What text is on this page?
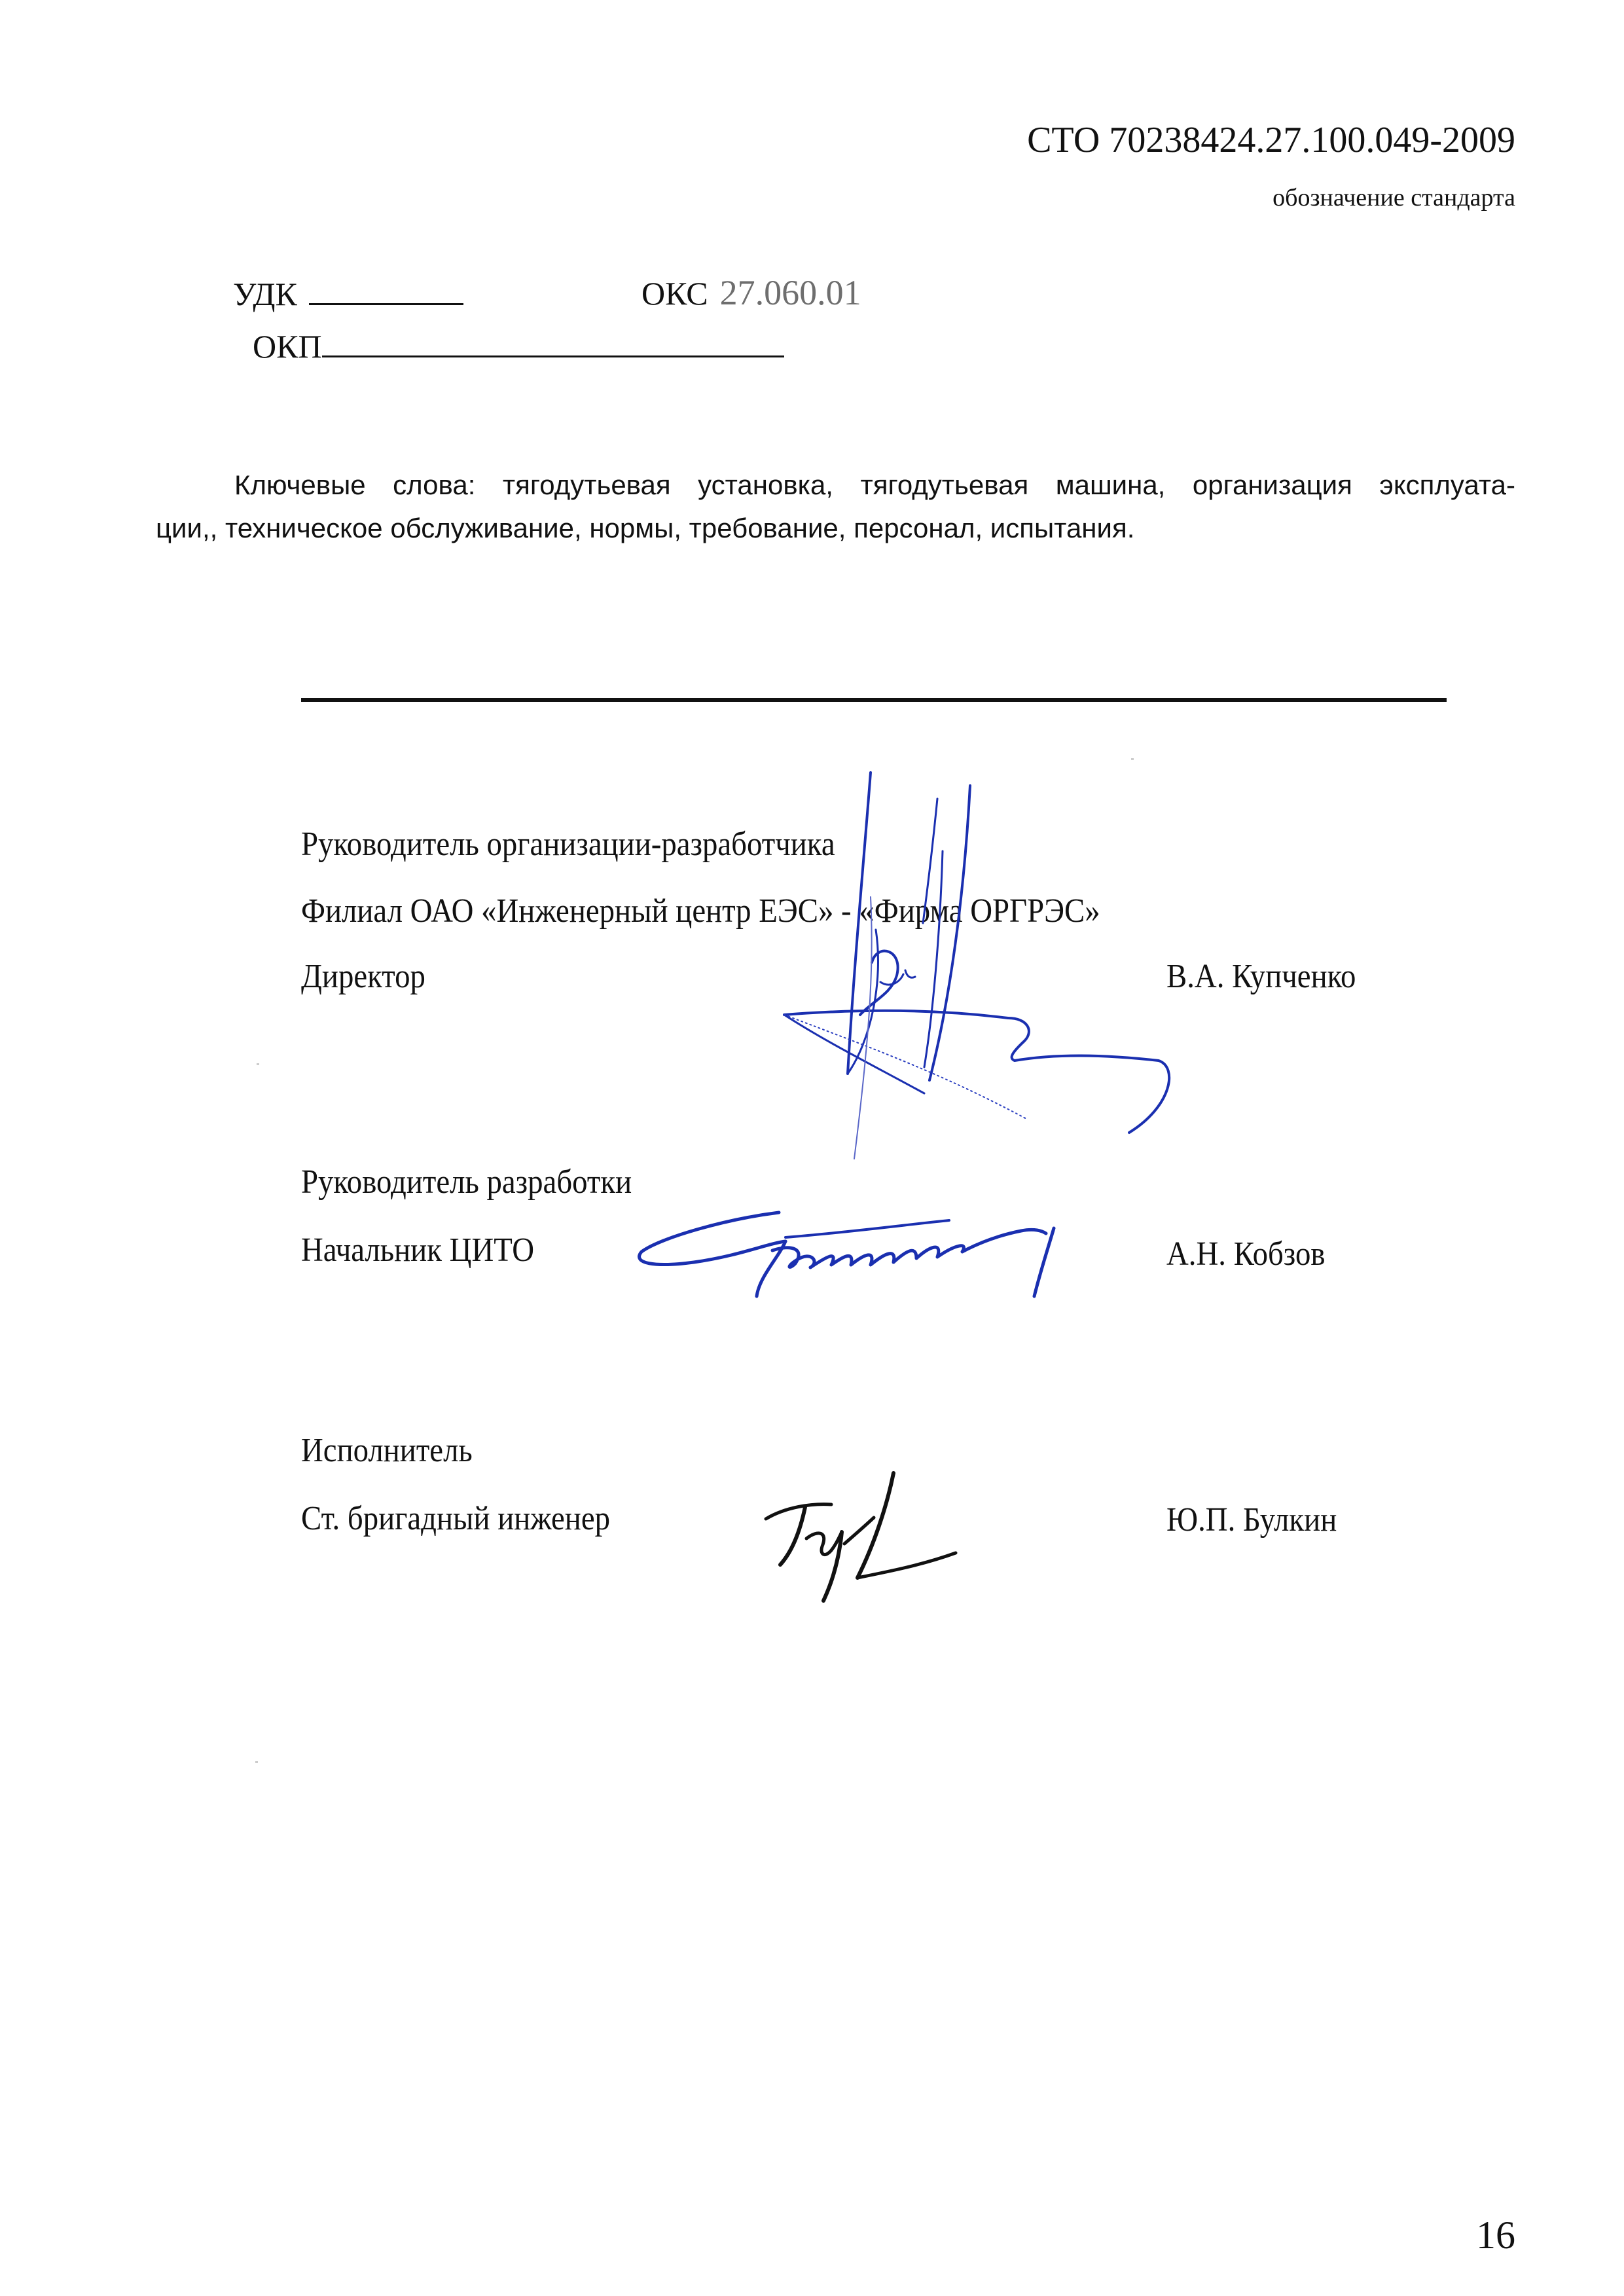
СТО 70238424.27.100.049-2009
обозначение стандарта
УДК	ОКС 27.060.01
ОКП
Ключевые слова: тягодутьевая установка, тягодутьевая машина, организация эксплуата-
ции,, техническое обслуживание, нормы, требование, персонал, испытания.
Руководитель организации-разработчика
Филиал ОАО «Инженерный центр ЕЭС» - «Фирма ОРГРЭС»
Директор	В.А. Купченко
Руководитель разработки
Начальник ЦИТО	А.Н. Кобзов
Исполнитель
Ст. бригадный инженер	Ю.П. Булкин
16
